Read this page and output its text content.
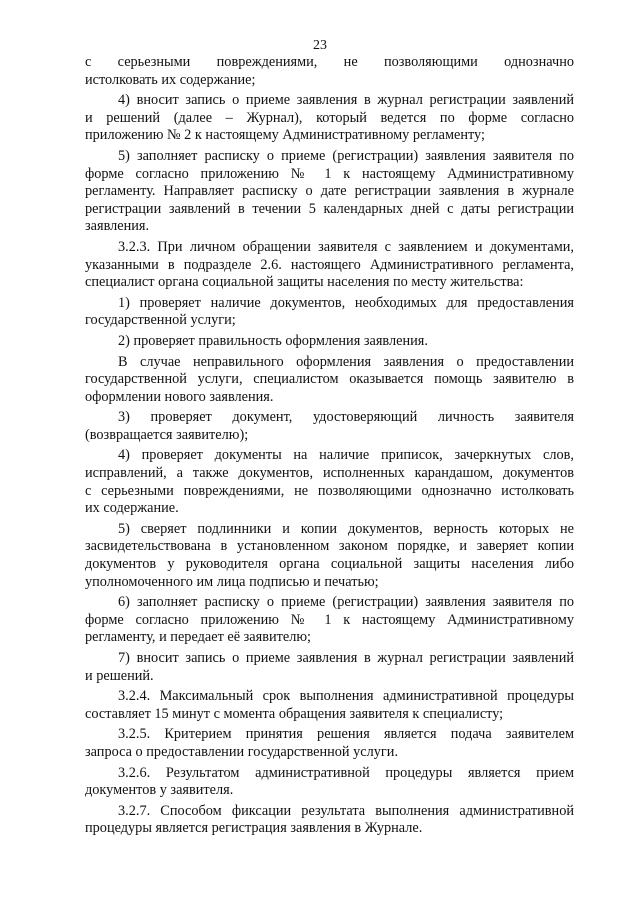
23
с серьезными повреждениями, не позволяющими однозначно
истолковать их содержание;
4) вносит запись о приеме заявления в журнал регистрации заявлений
и решений (далее – Журнал), который ведется по форме согласно
приложению № 2 к настоящему Административному регламенту;
5) заполняет расписку о приеме (регистрации) заявления заявителя по
форме согласно приложению № 1 к настоящему Административному
регламенту. Направляет расписку о дате регистрации заявления в журнале
регистрации заявлений в течении 5 календарных дней с даты регистрации
заявления.
3.2.3. При личном обращении заявителя с заявлением и документами,
указанными в подразделе 2.6. настоящего Административного регламента,
специалист органа социальной защиты населения по месту жительства:
1) проверяет наличие документов, необходимых для предоставления
государственной услуги;
2) проверяет правильность оформления заявления.
В случае неправильного оформления заявления о предоставлении
государственной услуги, специалистом оказывается помощь заявителю в
оформлении нового заявления.
3) проверяет документ, удостоверяющий личность заявителя
(возвращается заявителю);
4) проверяет документы на наличие приписок, зачеркнутых слов,
исправлений, а также документов, исполненных карандашом, документов
с серьезными повреждениями, не позволяющими однозначно истолковать
их содержание.
5) сверяет подлинники и копии документов, верность которых не
засвидетельствована в установленном законом порядке, и заверяет копии
документов у руководителя органа социальной защиты населения либо
уполномоченного им лица подписью и печатью;
6) заполняет расписку о приеме (регистрации) заявления заявителя по
форме согласно приложению № 1 к настоящему Административному
регламенту, и передает её заявителю;
7) вносит запись о приеме заявления в журнал регистрации заявлений
и решений.
3.2.4. Максимальный срок выполнения административной процедуры
составляет 15 минут с момента обращения заявителя к специалисту;
3.2.5. Критерием принятия решения является подача заявителем
запроса о предоставлении государственной услуги.
3.2.6. Результатом административной процедуры является прием
документов у заявителя.
3.2.7. Способом фиксации результата выполнения административной
процедуры является регистрация заявления в Журнале.
